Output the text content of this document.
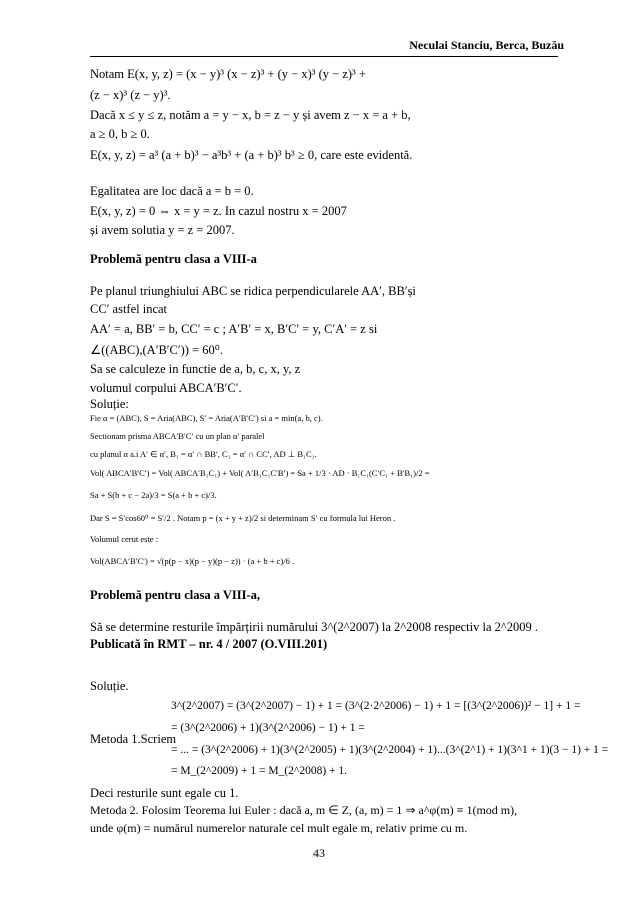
Neculai Stanciu, Berca, Buzău
Notam E(x, y, z) = (x − y)³ (x − z)³ + (y − x)³ (y − z)³ +
(z − x)³ (z − y)³.
Dacă x ≤ y ≤ z, notăm a = y − x, b = z − y și avem z − x = a + b,
a ≥ 0, b ≥ 0.
E(x, y, z) = a³ (a + b)³ − a³b³ + (a + b)³ b³ ≥ 0, care este evidentă.
Egalitatea are loc dacă a = b = 0.
E(x, y, z) = 0 ⇔ x = y = z. In cazul nostru x = 2007
și avem solutia y = z = 2007.
Problemă pentru clasa a VIII-a
Pe planul triunghiului ABC se ridica perpendicularele AA′, BB′și
CC′ astfel incat
AA′ = a, BB′ = b, CC′ = c ; A′B′ = x, B′C′ = y, C′A′ = z si
∠((ABC),(A′B′C′)) = 60⁰.
Sa se calculeze in functie de a, b, c, x, y, z
volumul corpului ABCA′B′C′.
Soluție:
Fie α = (ABC), S = Aria(ABC), S′ = Aria(A′B′C′) si a = min(a, b, c).
Sectionam prisma ABCA′B′C′ cu un plan α′ paralel
cu planul α a.i A′ ∈ α′, B₁ = α′ ∩ BB′, C₁ = α′ ∩ CC′, AD ⊥ B₁C₁.
Vol( ABCA′B′C′) = Vol( ABCA′B₁C₁) + Vol( A′B₁C₁C′B′) = Sa + 1/3 · AD · B₁C₁(C′C₁ + B′B₁)/2 =
Sa + S(b + c − 2a)/3 = S(a + b + c)/3.
Dar S = S′cos60⁰ = S′/2 . Notam p = (x + y + z)/2 si determinam S′ cu formula lui Heron .
Volumul cerut este :
Vol(ABCA′B′C′) = √(p(p − x)(p − y)(p − z)) · (a + b + c)/6 .
Problemă pentru clasa a VIII-a,
Să se determine resturile împărțirii numărului 3^(2^2007) la 2^2008 respectiv la 2^2009 .
Publicată în RMT – nr. 4 / 2007 (O.VIII.201)
Soluție.
3^(2^2007) = (3^(2^2007) − 1) + 1 = (3^(2·2^2006) − 1) + 1 = [(3^(2^2006))² − 1] + 1 =
= (3^(2^2006) + 1)(3^(2^2006) − 1) + 1 =
Metoda 1.Scriem
= ... = (3^(2^2006) + 1)(3^(2^2005) + 1)(3^(2^2004) + 1)...(3^(2^1) + 1)(3^1 + 1)(3 − 1) + 1 =
= M_(2^2009) + 1 = M_(2^2008) + 1.
Deci resturile sunt egale cu 1.
Metoda 2. Folosim Teorema lui Euler : dacă a, m ∈ Z, (a, m) = 1 ⇒ a^φ(m) ≡ 1(mod m),
unde φ(m) = numărul numerelor naturale cel mult egale m, relativ prime cu m.
43
